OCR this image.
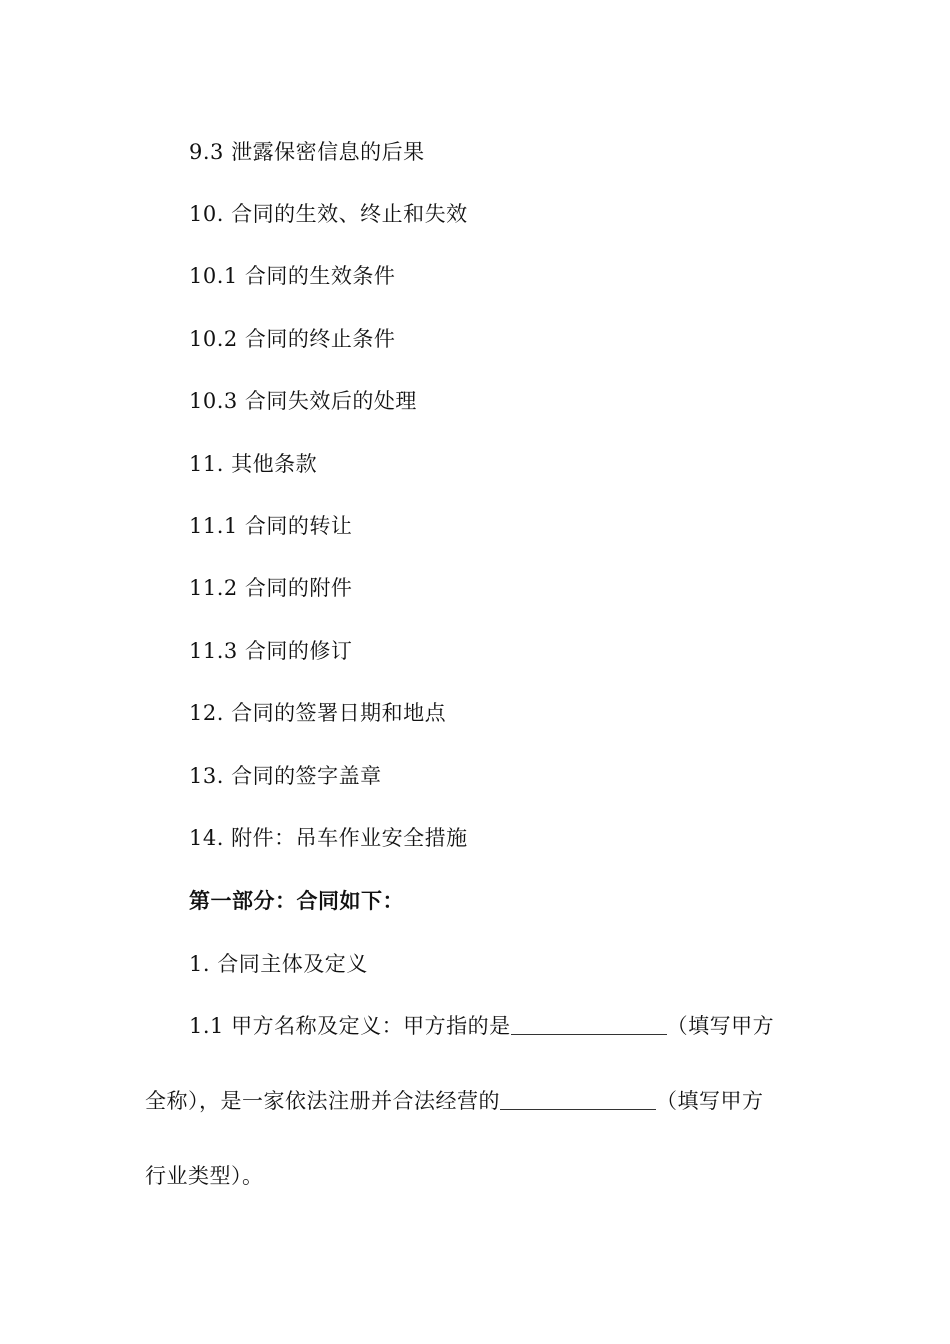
9.3 泄露保密信息的后果
10. 合同的生效、终止和失效
10.1 合同的生效条件
10.2 合同的终止条件
10.3 合同失效后的处理
11. 其他条款
11.1 合同的转让
11.2 合同的附件
11.3 合同的修订
12. 合同的签署日期和地点
13. 合同的签字盖章
14. 附件：吊车作业安全措施
第一部分：合同如下：
1. 合同主体及定义
1.1 甲方名称及定义：甲方指的是	（填写甲方
全称），是一家依法注册并合法经营的	（填写甲方
行业类型）。
